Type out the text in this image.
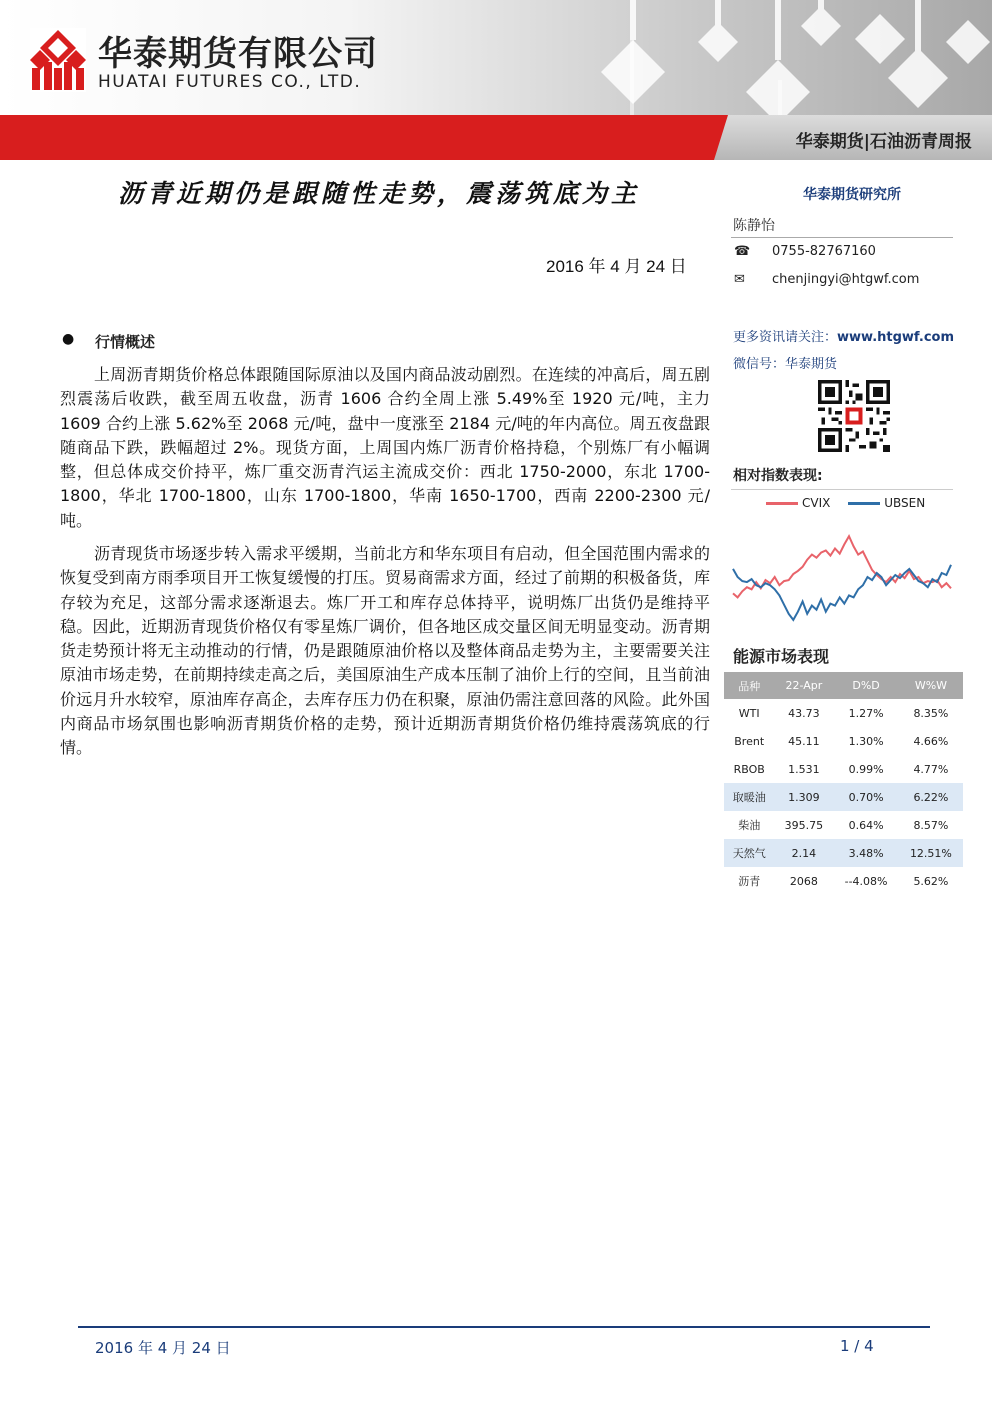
华泰期货有限公司
HUATAI FUTURES CO., LTD.
华泰期货|石油沥青周报
沥青近期仍是跟随性走势，震荡筑底为主
2016 年 4 月 24 日
华泰期货研究所
陈静怡
☎ 0755-82767160
✉ chenjingyi@htgwf.com
更多资讯请关注：www.htgwf.com
微信号：华泰期货
相对指数表现:
CVIX	UBSEN
能源市场表现
品种	22-Apr	D%D	W%W
WTI	43.73	1.27%	8.35%
Brent	45.11	1.30%	4.66%
RBOB	1.531	0.99%	4.77%
取暖油	1.309	0.70%	6.22%
柴油	395.75	0.64%	8.57%
天然气	2.14	3.48%	12.51%
沥青	2068	--4.08%	5.62%
● 行情概述

上周沥青期货价格总体跟随国际原油以及国内商品波动剧烈。在连续的冲高后，周五剧烈震荡后收跌，截至周五收盘，沥青 1606 合约全周上涨 5.49%至 1920 元/吨，主力 1609 合约上涨 5.62%至 2068 元/吨，盘中一度涨至 2184 元/吨的年内高位。周五夜盘跟随商品下跌，跌幅超过 2%。现货方面，上周国内炼厂沥青价格持稳，个别炼厂有小幅调整，但总体成交价持平，炼厂重交沥青汽运主流成交价：西北 1750-2000，东北 1700-1800，华北 1700-1800，山东 1700-1800，华南 1650-1700，西南 2200-2300 元/吨。

沥青现货市场逐步转入需求平缓期，当前北方和华东项目有启动，但全国范围内需求的恢复受到南方雨季项目开工恢复缓慢的打压。贸易商需求方面，经过了前期的积极备货，库存较为充足，这部分需求逐渐退去。炼厂开工和库存总体持平，说明炼厂出货仍是维持平稳。因此，近期沥青现货价格仅有零星炼厂调价，但各地区成交量区间无明显变动。沥青期货走势预计将无主动推动的行情，仍是跟随原油价格以及整体商品走势为主，主要需要关注原油市场走势，在前期持续走高之后，美国原油生产成本压制了油价上行的空间，且当前油价远月升水较窄，原油库存高企，去库存压力仍在积聚，原油仍需注意回落的风险。此外国内商品市场氛围也影响沥青期货价格的走势，预计近期沥青期货价格仍维持震荡筑底的行情。

2016 年 4 月 24 日	1 / 4
